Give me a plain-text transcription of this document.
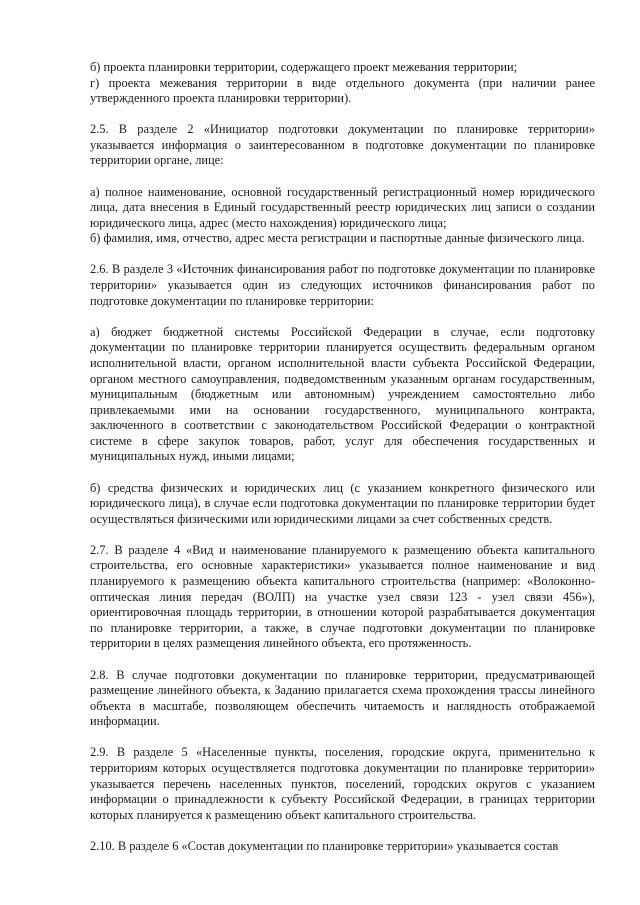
б) проекта планировки территории, содержащего проект межевания территории;

г) проекта межевания территории в виде отдельного документа (при наличии ранее утвержденного проекта планировки территории).

2.5. В разделе 2 «Инициатор подготовки документации по планировке территории» указывается информация о заинтересованном в подготовке документации по планировке территории органе, лице:

а) полное наименование, основной государственный регистрационный номер юридического лица, дата внесения в Единый государственный реестр юридических лиц записи о создании юридического лица, адрес (место нахождения) юридического лица;

б) фамилия, имя, отчество, адрес места регистрации и паспортные данные физического лица.

2.6. В разделе 3 «Источник финансирования работ по подготовке документации по планировке территории» указывается один из следующих источников финансирования работ по подготовке документации по планировке территории:

а) бюджет бюджетной системы Российской Федерации в случае, если подготовку документации по планировке территории планируется осуществить федеральным органом исполнительной власти, органом исполнительной власти субъекта Российской Федерации, органом местного самоуправления, подведомственным указанным органам государственным, муниципальным (бюджетным или автономным) учреждением самостоятельно либо привлекаемыми ими на основании государственного, муниципального контракта, заключенного в соответствии с законодательством Российской Федерации о контрактной системе в сфере закупок товаров, работ, услуг для обеспечения государственных и муниципальных нужд, иными лицами;

б) средства физических и юридических лиц (с указанием конкретного физического или юридического лица), в случае если подготовка документации по планировке территории будет осуществляться физическими или юридическими лицами за счет собственных средств.

2.7. В разделе 4 «Вид и наименование планируемого к размещению объекта капитального строительства, его основные характеристики» указывается полное наименование и вид планируемого к размещению объекта капитального строительства (например: «Волоконно-оптическая линия передач (ВОЛП) на участке узел связи 123 - узел связи 456»), ориентировочная площадь территории, в отношении которой разрабатывается документация по планировке территории, а также, в случае подготовки документации по планировке территории в целях размещения линейного объекта, его протяженность.

2.8. В случае подготовки документации по планировке территории, предусматривающей размещение линейного объекта, к Заданию прилагается схема прохождения трассы линейного объекта в масштабе, позволяющем обеспечить читаемость и наглядность отображаемой информации.

2.9. В разделе 5 «Населенные пункты, поселения, городские округа, применительно к территориям которых осуществляется подготовка документации по планировке территории» указывается перечень населенных пунктов, поселений, городских округов с указанием информации о принадлежности к субъекту Российской Федерации, в границах территории которых планируется к размещению объект капитального строительства.

2.10. В разделе 6 «Состав документации по планировке территории» указывается состав
